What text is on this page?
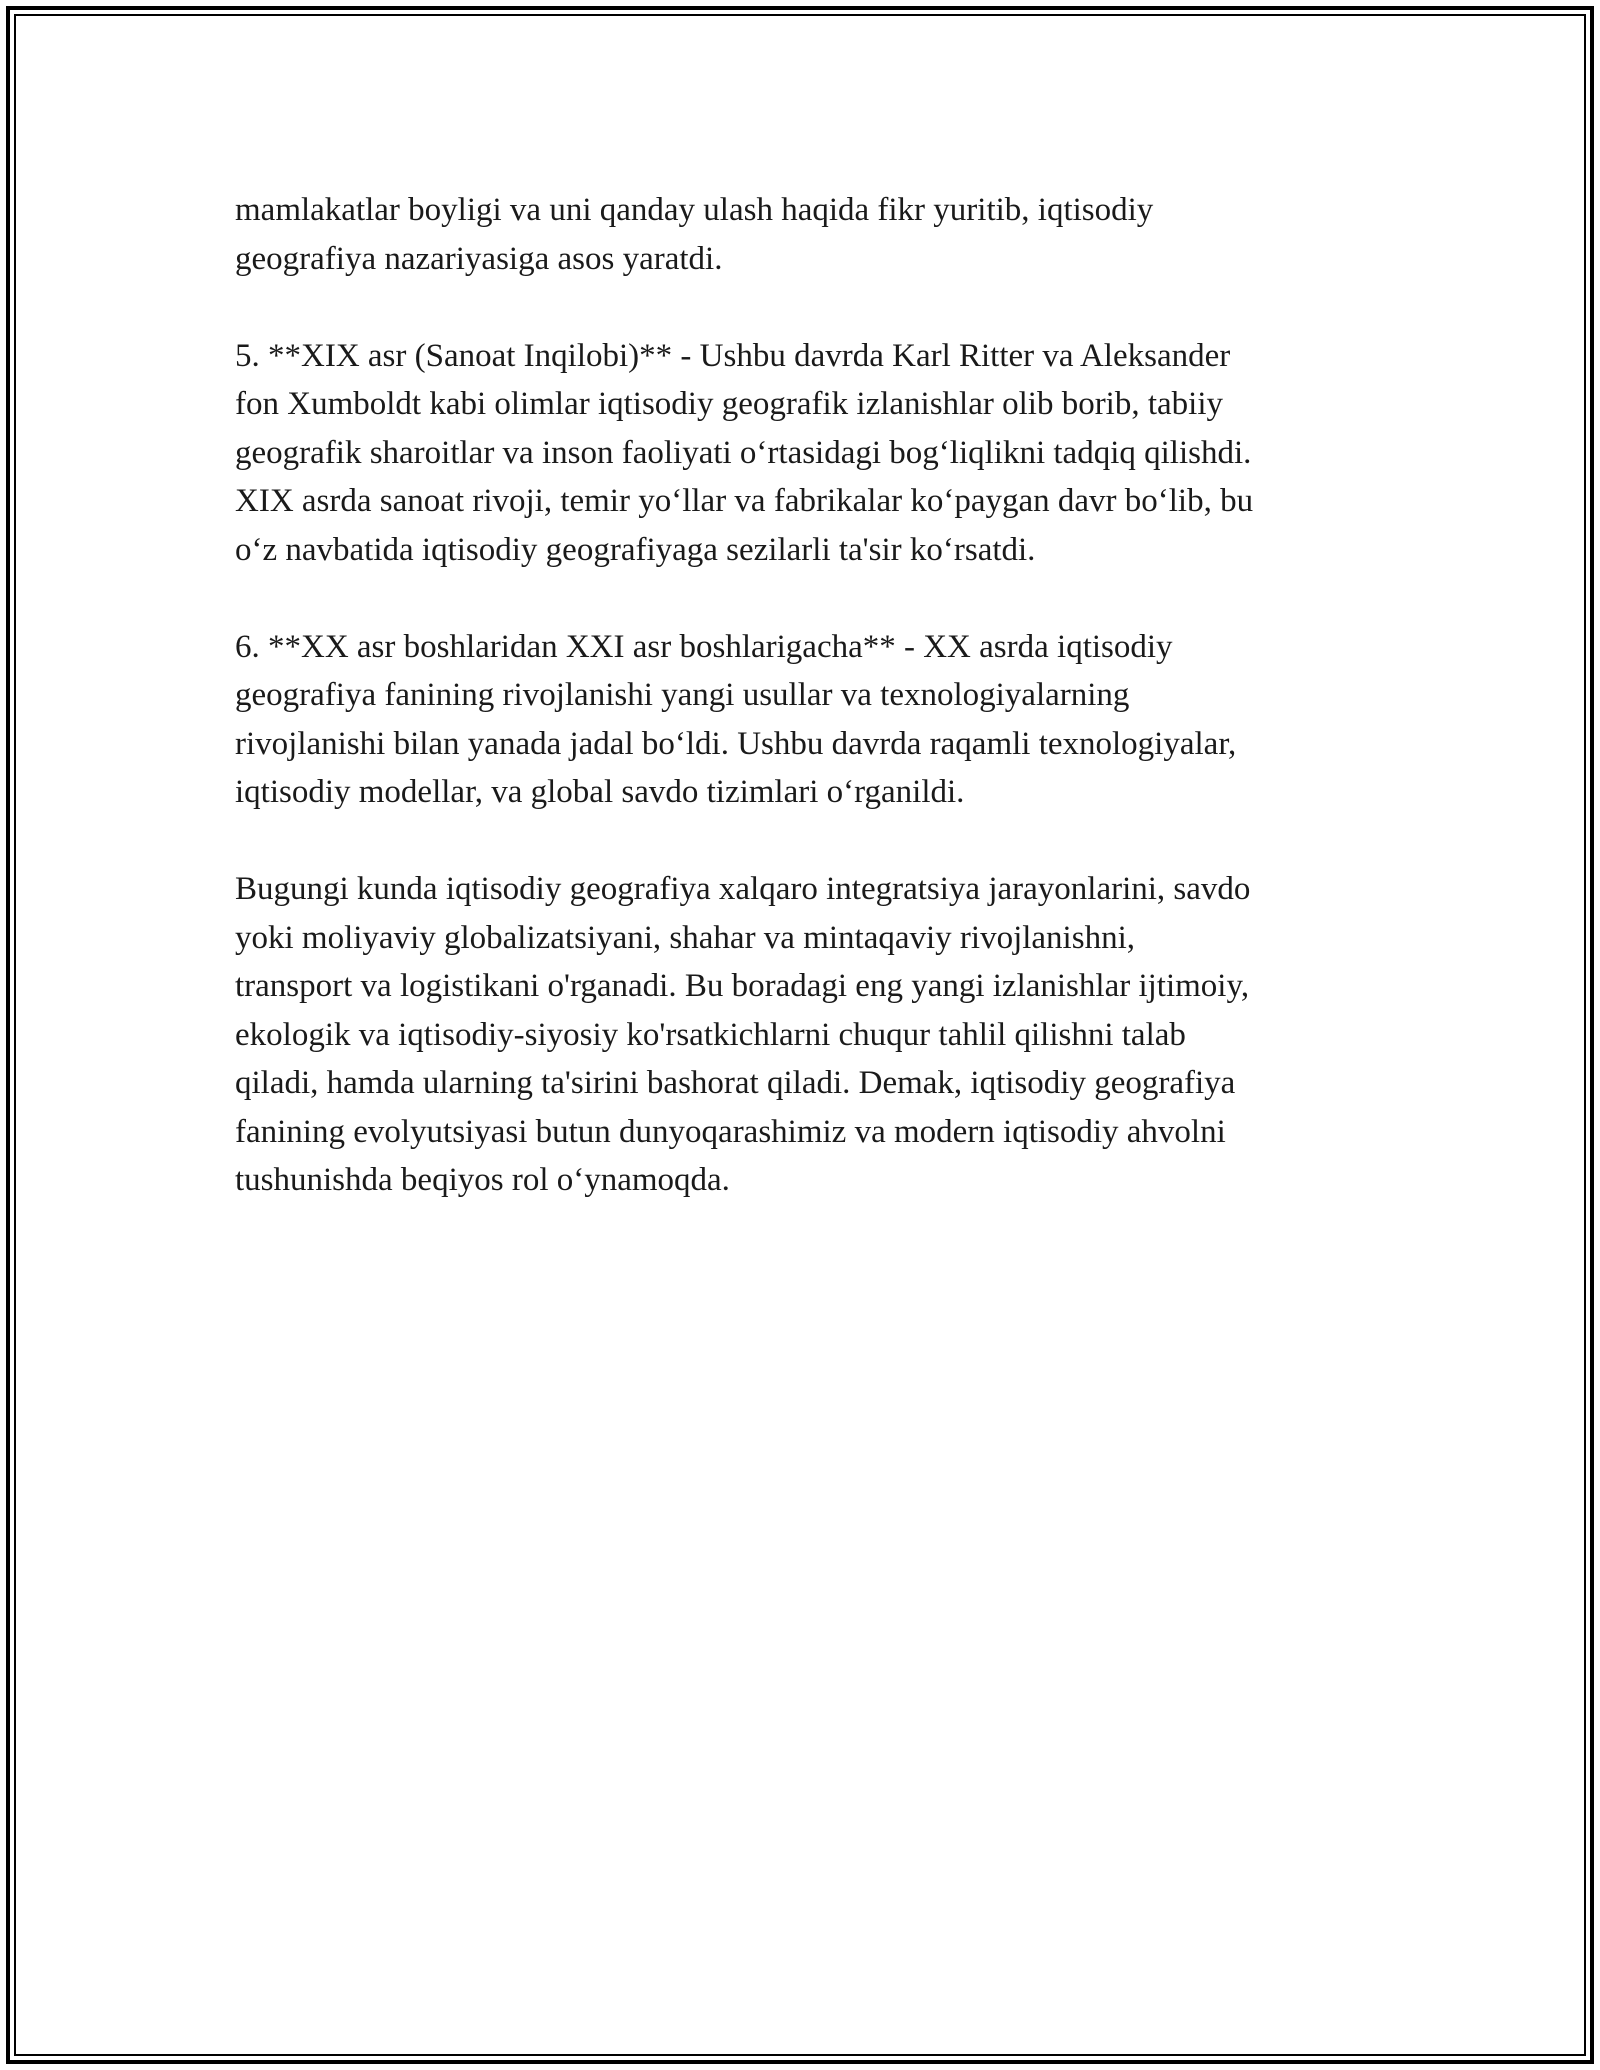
mamlakatlar boyligi va uni qanday ulash haqida fikr yuritib, iqtisodiy
geografiya nazariyasiga asos yaratdi.

5. **XIX asr (Sanoat Inqilobi)** - Ushbu davrda Karl Ritter va Aleksander
fon Xumboldt kabi olimlar iqtisodiy geografik izlanishlar olib borib, tabiiy
geografik sharoitlar va inson faoliyati o‘rtasidagi bog‘liqlikni tadqiq qilishdi.
XIX asrda sanoat rivoji, temir yo‘llar va fabrikalar ko‘paygan davr bo‘lib, bu
o‘z navbatida iqtisodiy geografiyaga sezilarli ta'sir ko‘rsatdi.

6. **XX asr boshlaridan XXI asr boshlarigacha** - XX asrda iqtisodiy
geografiya fanining rivojlanishi yangi usullar va texnologiyalarning
rivojlanishi bilan yanada jadal bo‘ldi. Ushbu davrda raqamli texnologiyalar,
iqtisodiy modellar, va global savdo tizimlari o‘rganildi.

Bugungi kunda iqtisodiy geografiya xalqaro integratsiya jarayonlarini, savdo
yoki moliyaviy globalizatsiyani, shahar va mintaqaviy rivojlanishni,
transport va logistikani o'rganadi. Bu boradagi eng yangi izlanishlar ijtimoiy,
ekologik va iqtisodiy-siyosiy ko'rsatkichlarni chuqur tahlil qilishni talab
qiladi, hamda ularning ta'sirini bashorat qiladi. Demak, iqtisodiy geografiya
fanining evolyutsiyasi butun dunyoqarashimiz va modern iqtisodiy ahvolni
tushunishda beqiyos rol o‘ynamoqda.
